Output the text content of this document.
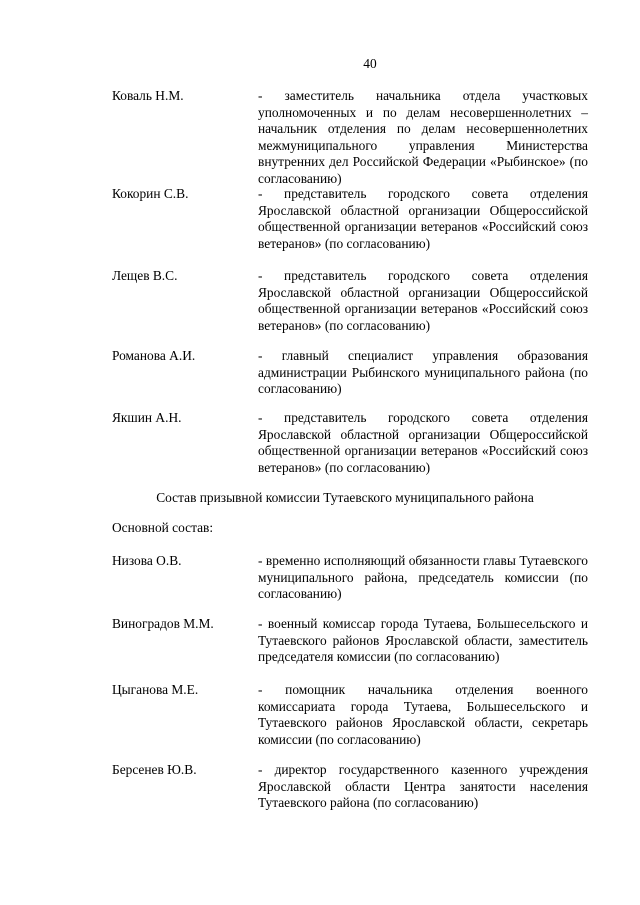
40
Коваль Н.М.	- заместитель начальника отдела участковых уполномоченных и по делам несовершеннолетних – начальник отделения по делам несовершеннолетних межмуниципального управления Министерства внутренних дел Российской Федерации «Рыбинское» (по согласованию)
Кокорин С.В.	- представитель городского совета отделения Ярославской областной организации Общероссийской общественной организации ветеранов «Российский союз ветеранов» (по согласованию)
Лещев В.С.	- представитель городского совета отделения Ярославской областной организации Общероссийской общественной организации ветеранов «Российский союз ветеранов» (по согласованию)
Романова А.И.	- главный специалист управления образования администрации Рыбинского муниципального района (по согласованию)
Якшин А.Н.	- представитель городского совета отделения Ярославской областной организации Общероссийской общественной организации ветеранов «Российский союз ветеранов» (по согласованию)
Состав призывной комиссии Тутаевского муниципального района
Основной состав:
Низова О.В.	- временно исполняющий обязанности главы Тутаевского муниципального района, председатель комиссии (по согласованию)
Виноградов М.М.	- военный комиссар города Тутаева, Большесельского и Тутаевского районов Ярославской области, заместитель председателя комиссии (по согласованию)
Цыганова М.Е.	- помощник начальника отделения военного комиссариата города Тутаева, Большесельского и Тутаевского районов Ярославской области, секретарь комиссии (по согласованию)
Берсенев Ю.В.	- директор государственного казенного учреждения Ярославской области Центра занятости населения Тутаевского района (по согласованию)
